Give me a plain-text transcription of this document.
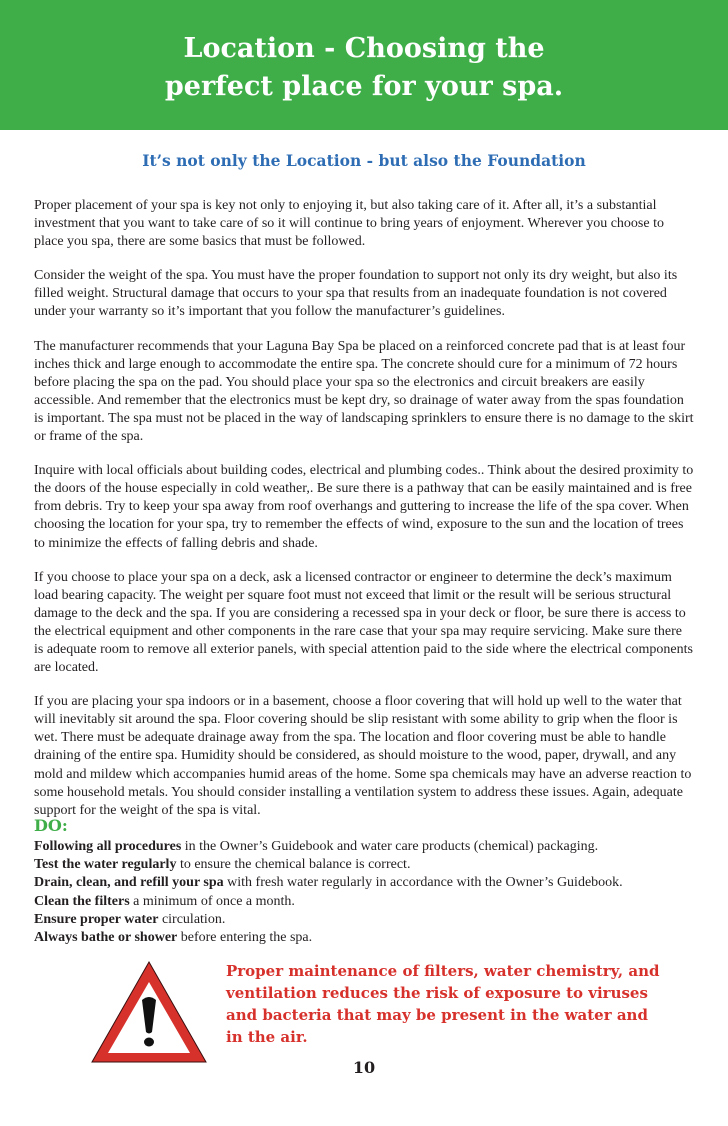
Location - Choosing the
perfect place for your spa.
It’s not only the Location - but also the Foundation

Proper placement of your spa is key not only to enjoying it, but also taking care of it. After all, it’s a substantial investment that you want to take care of so it will continue to bring years of enjoyment. Wherever you choose to place you spa, there are some basics that must be followed.

Consider the weight of the spa. You must have the proper foundation to support not only its dry weight, but also its filled weight. Structural damage that occurs to your spa that results from an inadequate foundation is not covered under your warranty so it’s important that you follow the manufacturer’s guidelines.

The manufacturer recommends that your Laguna Bay Spa be placed on a reinforced concrete pad that is at least four inches thick and large enough to accommodate the entire spa. The concrete should cure for a minimum of 72 hours before placing the spa on the pad. You should place your spa so the electronics and circuit breakers are easily accessible. And remember that the electronics must be kept dry, so drainage of water away from the spas foundation is important. The spa must not be placed in the way of landscaping sprinklers to ensure there is no damage to the skirt or frame of the spa.

Inquire with local officials about building codes, electrical and plumbing codes.. Think about the desired proximity to the doors of the house especially in cold weather,. Be sure there is a pathway that can be easily maintained and is free from debris. Try to keep your spa away from roof overhangs and guttering to increase the life of the spa cover. When choosing the location for your spa, try to remember the effects of wind, exposure to the sun and the location of trees to minimize the effects of falling debris and shade.

If you choose to place your spa on a deck, ask a licensed contractor or engineer to determine the deck’s maximum load bearing capacity. The weight per square foot must not exceed that limit or the result will be serious structural damage to the deck and the spa. If you are considering a recessed spa in your deck or floor, be sure there is access to the electrical equipment and other components in the rare case that your spa may require servicing. Make sure there is adequate room to remove all exterior panels, with special attention paid to the side where the electrical components are located.

If you are placing your spa indoors or in a basement, choose a floor covering that will hold up well to the water that will inevitably sit around the spa. Floor covering should be slip resistant with some ability to grip when the floor is wet. There must be adequate drainage away from the spa. The location and floor covering must be able to handle draining of the entire spa. Humidity should be considered, as should moisture to the wood, paper, drywall, and any mold and mildew which accompanies humid areas of the home. Some spa chemicals may have an adverse reaction to some household metals. You should consider installing a ventilation system to address these issues. Again, adequate support for the weight of the spa is vital.

DO:
Following all procedures in the Owner’s Guidebook and water care products (chemical) packaging.
Test the water regularly to ensure the chemical balance is correct.
Drain, clean, and refill your spa with fresh water regularly in accordance with the Owner’s Guidebook.
Clean the filters a minimum of once a month.
Ensure proper water circulation.
Always bathe or shower before entering the spa.
Proper maintenance of filters, water chemistry, and ventilation reduces the risk of exposure to viruses and bacteria that may be present in the water and in the air.
10
